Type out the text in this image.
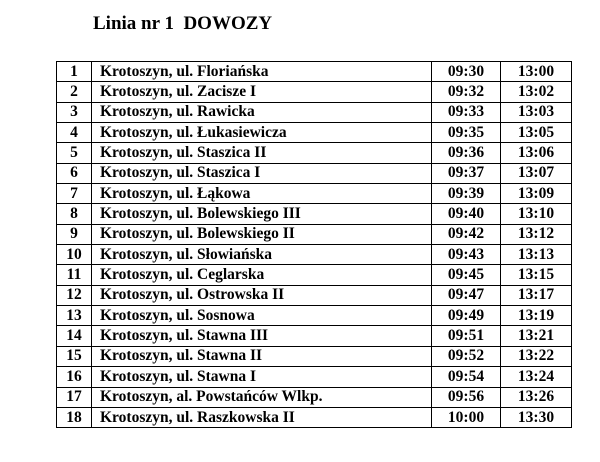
Linia nr 1  DOWOZY
1	Krotoszyn, ul. Floriańska	09:30	13:00
2	Krotoszyn, ul. Zacisze I	09:32	13:02
3	Krotoszyn, ul. Rawicka	09:33	13:03
4	Krotoszyn, ul. Łukasiewicza	09:35	13:05
5	Krotoszyn, ul. Staszica II	09:36	13:06
6	Krotoszyn, ul. Staszica I	09:37	13:07
7	Krotoszyn, ul. Łąkowa	09:39	13:09
8	Krotoszyn, ul. Bolewskiego III	09:40	13:10
9	Krotoszyn, ul. Bolewskiego II	09:42	13:12
10	Krotoszyn, ul. Słowiańska	09:43	13:13
11	Krotoszyn, ul. Ceglarska	09:45	13:15
12	Krotoszyn, ul. Ostrowska II	09:47	13:17
13	Krotoszyn, ul. Sosnowa	09:49	13:19
14	Krotoszyn, ul. Stawna III	09:51	13:21
15	Krotoszyn, ul. Stawna II	09:52	13:22
16	Krotoszyn, ul. Stawna I	09:54	13:24
17	Krotoszyn, al. Powstańców Wlkp.	09:56	13:26
18	Krotoszyn, ul. Raszkowska II	10:00	13:30
